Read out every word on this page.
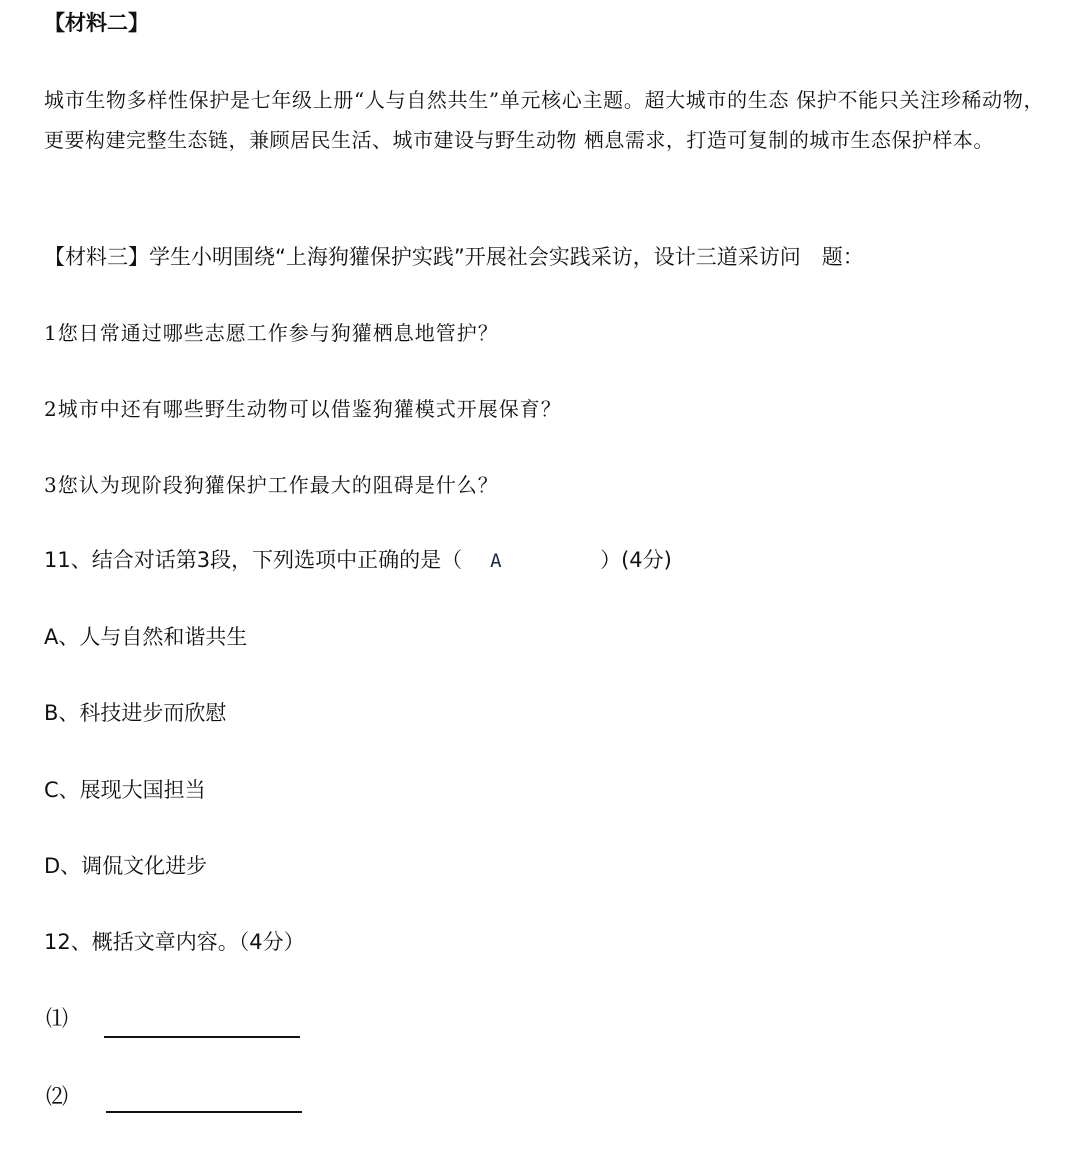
【材料二】
城市生物多样性保护是七年级上册“人与自然共生”单元核心主题。超大城市的生态 保护不能只关注珍稀动物，更要构建完整生态链，兼顾居民生活、城市建设与野生动物 栖息需求，打造可复制的城市生态保护样本。
【材料三】学生小明围绕“上海狗獾保护实践”开展社会实践采访，设计三道采访问　题：
1您日常通过哪些志愿工作参与狗獾栖息地管护？
2城市中还有哪些野生动物可以借鉴狗獾模式开展保育？
3您认为现阶段狗獾保护工作最大的阻碍是什么？
11、结合对话第3段，下列选项中正确的是（ A	）(4分)
A、人与自然和谐共生
B、科技进步而欣慰
C、展现大国担当
D、调侃文化进步
12、概括文章内容。（4分）
⑴
⑵
